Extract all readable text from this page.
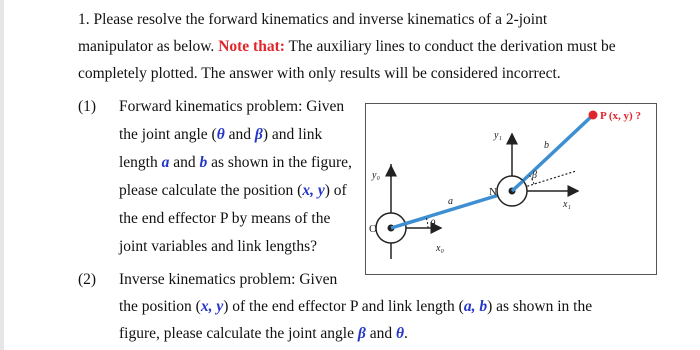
1. Please resolve the forward kinematics and inverse kinematics of a 2-joint
manipulator as below. Note that: The auxiliary lines to conduct the derivation must be
completely plotted. The answer with only results will be considered incorrect.
(1) Forward kinematics problem: Given
the joint angle (θ and β) and link
length a and b as shown in the figure,
please calculate the position (x, y) of
the end effector P by means of the
joint variables and link lengths?
(2) Inverse kinematics problem: Given
the position (x, y) of the end effector P and link length (a, b) as shown in the
figure, please calculate the joint angle β and θ.
y₀
x₀
O
N
y₁
x₁
a
b
θ
β
P (x, y) ?
